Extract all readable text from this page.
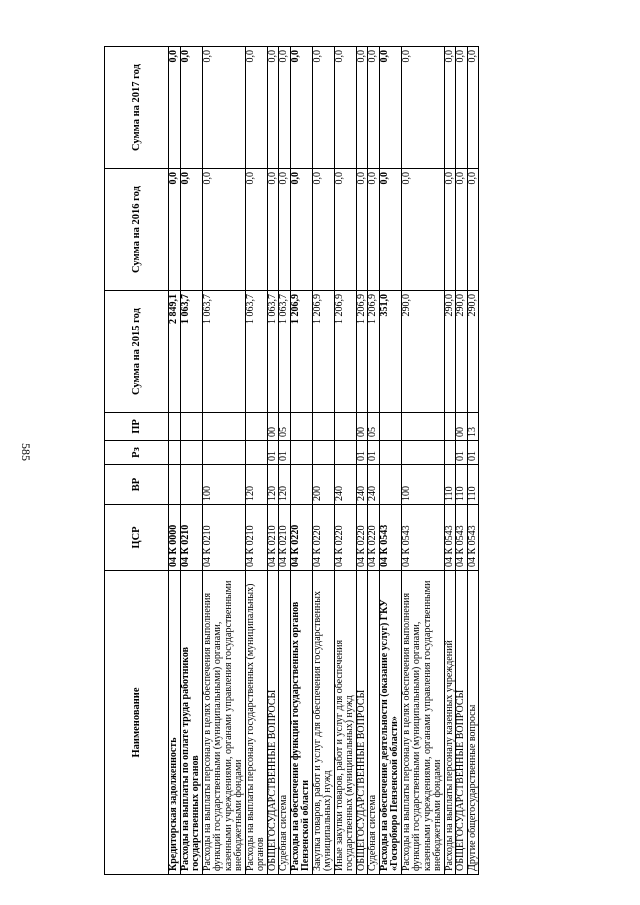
585
Наименование	ЦСР	ВР	Рз	ПР	Сумма на 2015 год	Сумма на 2016 год	Сумма на 2017 год
Кредиторская задолженность	04 К 0000				2 849,1	0,0	0,0
Расходы на выплаты по оплате труда работников государственных органов	04 К 0210				1 063,7	0,0	0,0
Расходы на выплаты персоналу в целях обеспечения выполнения функций государственными (муниципальными) органами, казенными учреждениями, органами управления государственными внебюджетными фондами	04 К 0210	100			1 063,7	0,0	0,0
Расходы на выплаты персоналу государственных (муниципальных) органов	04 К 0210	120			1 063,7	0,0	0,0
ОБЩЕГОСУДАРСТВЕННЫЕ ВОПРОСЫ	04 К 0210	120	01	00	1 063,7	0,0	0,0
Судебная система	04 К 0210	120	01	05	1 063,7	0,0	0,0
Расходы на обеспечение функций государственных органов Пензенской области	04 К 0220				1 206,9	0,0	0,0
Закупка товаров, работ и услуг для обеспечения государственных (муниципальных) нужд	04 К 0220	200			1 206,9	0,0	0,0
Иные закупки товаров, работ и услуг для обеспечения государственных (муниципальных) нужд	04 К 0220	240			1 206,9	0,0	0,0
ОБЩЕГОСУДАРСТВЕННЫЕ ВОПРОСЫ	04 К 0220	240	01	00	1 206,9	0,0	0,0
Судебная система	04 К 0220	240	01	05	1 206,9	0,0	0,0
Расходы на обеспечение деятельности (оказание услуг) ГКУ «Госюрбюро Пензенской области»	04 К 0543				351,0	0,0	0,0
Расходы на выплаты персоналу в целях обеспечения выполнения функций государственными (муниципальными) органами, казенными учреждениями, органами управления государственными внебюджетными фондами	04 К 0543	100			290,0	0,0	0,0
Расходы на выплаты персоналу казенных учреждений	04 К 0543	110			290,0	0,0	0,0
ОБЩЕГОСУДАРСТВЕННЫЕ ВОПРОСЫ	04 К 0543	110	01	00	290,0	0,0	0,0
Другие общегосударственные вопросы	04 К 0543	110	01	13	290,0	0,0	0,0
